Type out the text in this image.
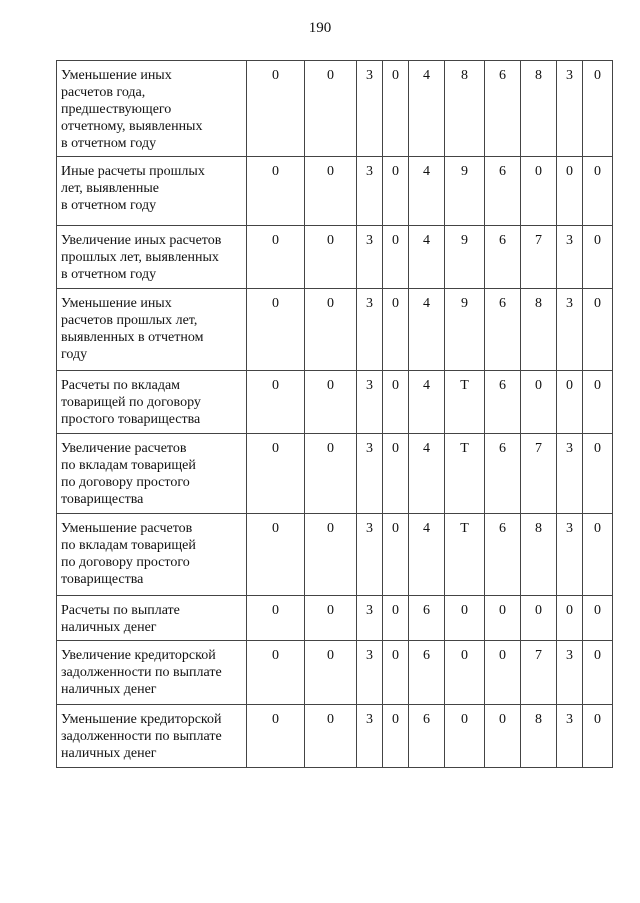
190
Уменьшение иных
расчетов года,
предшествующего
отчетному, выявленных
в отчетном году	0	0	3	0	4	8	6	8	3	0

Иные расчеты прошлых
лет, выявленные
в отчетном году	0	0	3	0	4	9	6	0	0	0

Увеличение иных расчетов
прошлых лет, выявленных
в отчетном году	0	0	3	0	4	9	6	7	3	0

Уменьшение иных
расчетов прошлых лет,
выявленных в отчетном
году	0	0	3	0	4	9	6	8	3	0

Расчеты по вкладам
товарищей по договору
простого товарищества	0	0	3	0	4	Т	6	0	0	0

Увеличение расчетов
по вкладам товарищей
по договору простого
товарищества	0	0	3	0	4	Т	6	7	3	0

Уменьшение расчетов
по вкладам товарищей
по договору простого
товарищества	0	0	3	0	4	Т	6	8	3	0

Расчеты по выплате
наличных денег	0	0	3	0	6	0	0	0	0	0

Увеличение кредиторской
задолженности по выплате
наличных денег	0	0	3	0	6	0	0	7	3	0

Уменьшение кредиторской
задолженности по выплате
наличных денег	0	0	3	0	6	0	0	8	3	0
